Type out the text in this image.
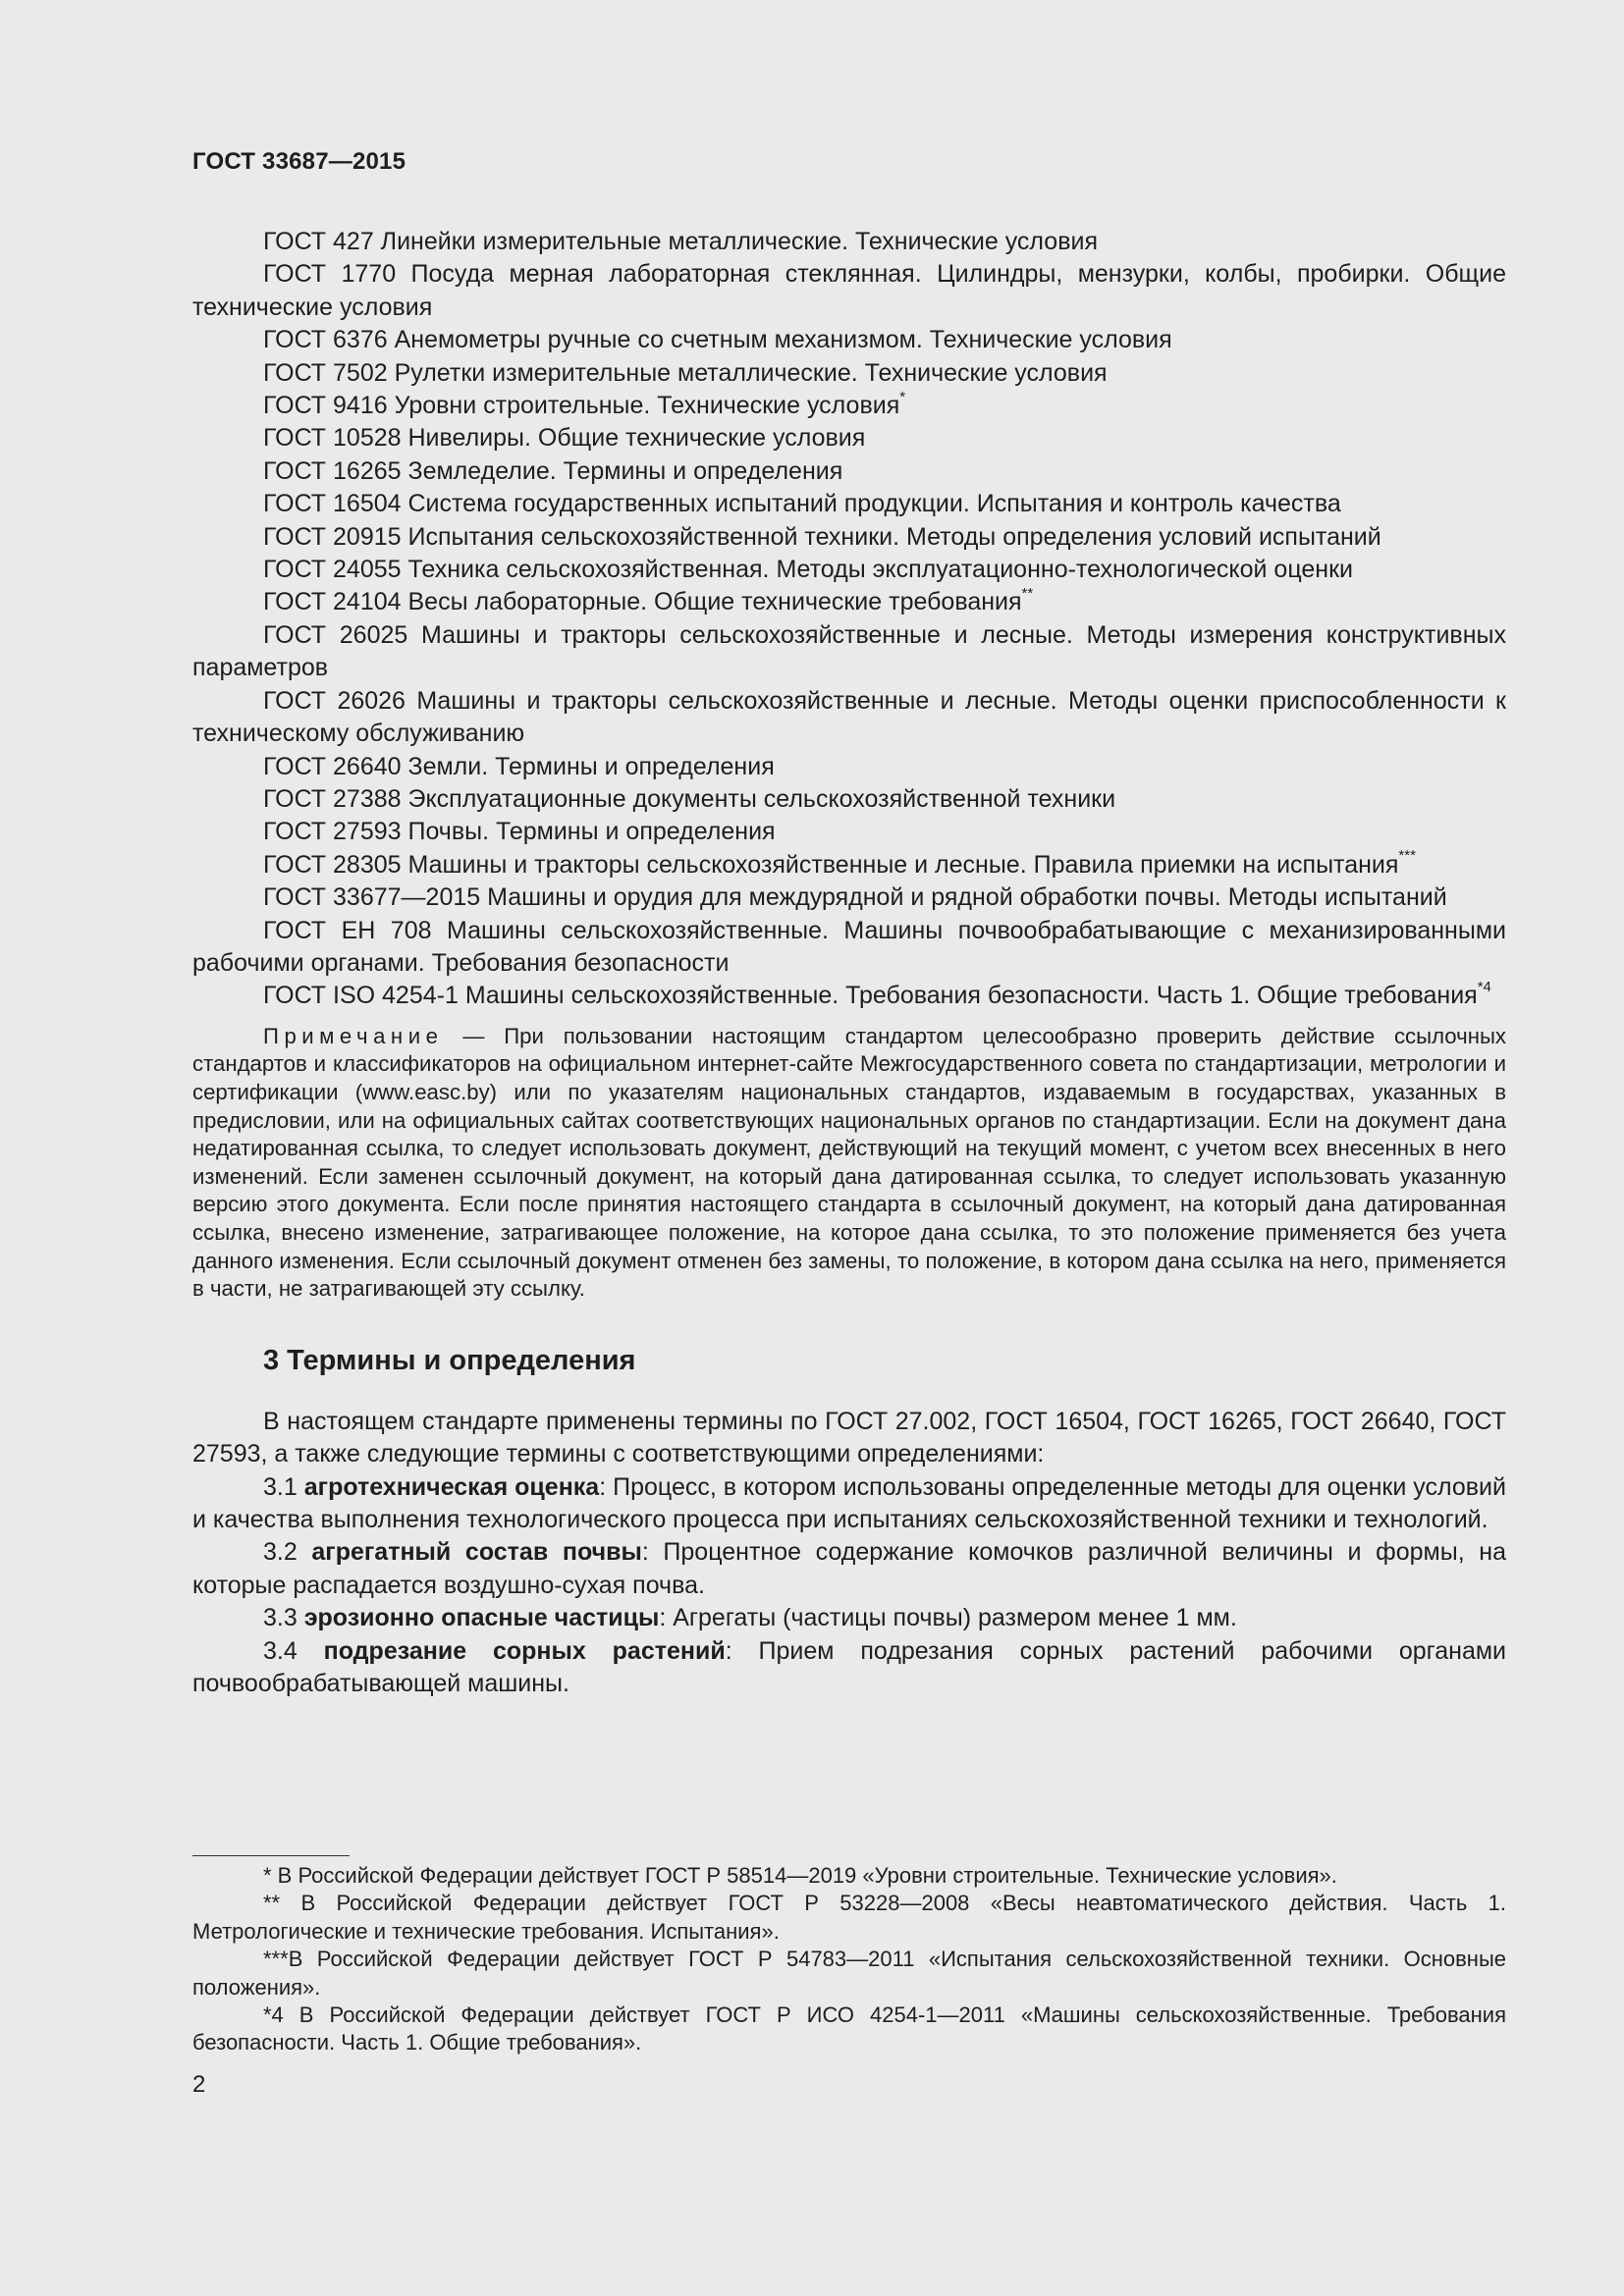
ГОСТ 33687—2015

ГОСТ 427 Линейки измерительные металлические. Технические условия

ГОСТ 1770 Посуда мерная лабораторная стеклянная. Цилиндры, мензурки, колбы, пробирки. Общие технические условия

ГОСТ 6376 Анемометры ручные со счетным механизмом. Технические условия

ГОСТ 7502 Рулетки измерительные металлические. Технические условия

ГОСТ 9416 Уровни строительные. Технические условия*

ГОСТ 10528 Нивелиры. Общие технические условия

ГОСТ 16265 Земледелие. Термины и определения

ГОСТ 16504 Система государственных испытаний продукции. Испытания и контроль качества

ГОСТ 20915 Испытания сельскохозяйственной техники. Методы определения условий испытаний

ГОСТ 24055 Техника сельскохозяйственная. Методы эксплуатационно-технологической оценки

ГОСТ 24104 Весы лабораторные. Общие технические требования**

ГОСТ 26025 Машины и тракторы сельскохозяйственные и лесные. Методы измерения конструктивных параметров

ГОСТ 26026 Машины и тракторы сельскохозяйственные и лесные. Методы оценки приспособленности к техническому обслуживанию

ГОСТ 26640 Земли. Термины и определения

ГОСТ 27388 Эксплуатационные документы сельскохозяйственной техники

ГОСТ 27593 Почвы. Термины и определения

ГОСТ 28305 Машины и тракторы сельскохозяйственные и лесные. Правила приемки на испытания***

ГОСТ 33677—2015 Машины и орудия для междурядной и рядной обработки почвы. Методы испытаний

ГОСТ ЕН 708 Машины сельскохозяйственные. Машины почвообрабатывающие с механизированными рабочими органами. Требования безопасности

ГОСТ ISO 4254-1 Машины сельскохозяйственные. Требования безопасности. Часть 1. Общие требования$^{*4}$

Примечание — При пользовании настоящим стандартом целесообразно проверить действие ссылочных стандартов и классификаторов на официальном интернет-сайте Межгосударственного совета по стандартизации, метрологии и сертификации (www.easc.by) или по указателям национальных стандартов, издаваемым в государствах, указанных в предисловии, или на официальных сайтах соответствующих национальных органов по стандартизации. Если на документ дана недатированная ссылка, то следует использовать документ, действующий на текущий момент, с учетом всех внесенных в него изменений. Если заменен ссылочный документ, на который дана датированная ссылка, то следует использовать указанную версию этого документа. Если после принятия настоящего стандарта в ссылочный документ, на который дана датированная ссылка, внесено изменение, затрагивающее положение, на которое дана ссылка, то это положение применяется без учета данного изменения. Если ссылочный документ отменен без замены, то положение, в котором дана ссылка на него, применяется в части, не затрагивающей эту ссылку.

3 Термины и определения

В настоящем стандарте применены термины по ГОСТ 27.002, ГОСТ 16504, ГОСТ 16265, ГОСТ 26640, ГОСТ 27593, а также следующие термины с соответствующими определениями:

3.1 агротехническая оценка: Процесс, в котором использованы определенные методы для оценки условий и качества выполнения технологического процесса при испытаниях сельскохозяйственной техники и технологий.

3.2 агрегатный состав почвы: Процентное содержание комочков различной величины и формы, на которые распадается воздушно-сухая почва.

3.3 эрозионно опасные частицы: Агрегаты (частицы почвы) размером менее 1 мм.

3.4 подрезание сорных растений: Прием подрезания сорных растений рабочими органами почвообрабатывающей машины.

* В Российской Федерации действует ГОСТ Р 58514—2019 «Уровни строительные. Технические условия».

** В Российской Федерации действует ГОСТ Р 53228—2008 «Весы неавтоматического действия. Часть 1. Метрологические и технические требования. Испытания».

***В Российской Федерации действует ГОСТ Р 54783—2011 «Испытания сельскохозяйственной техники. Основные положения».

*4 В Российской Федерации действует ГОСТ Р ИСО 4254-1—2011 «Машины сельскохозяйственные. Требования безопасности. Часть 1. Общие требования».

2
